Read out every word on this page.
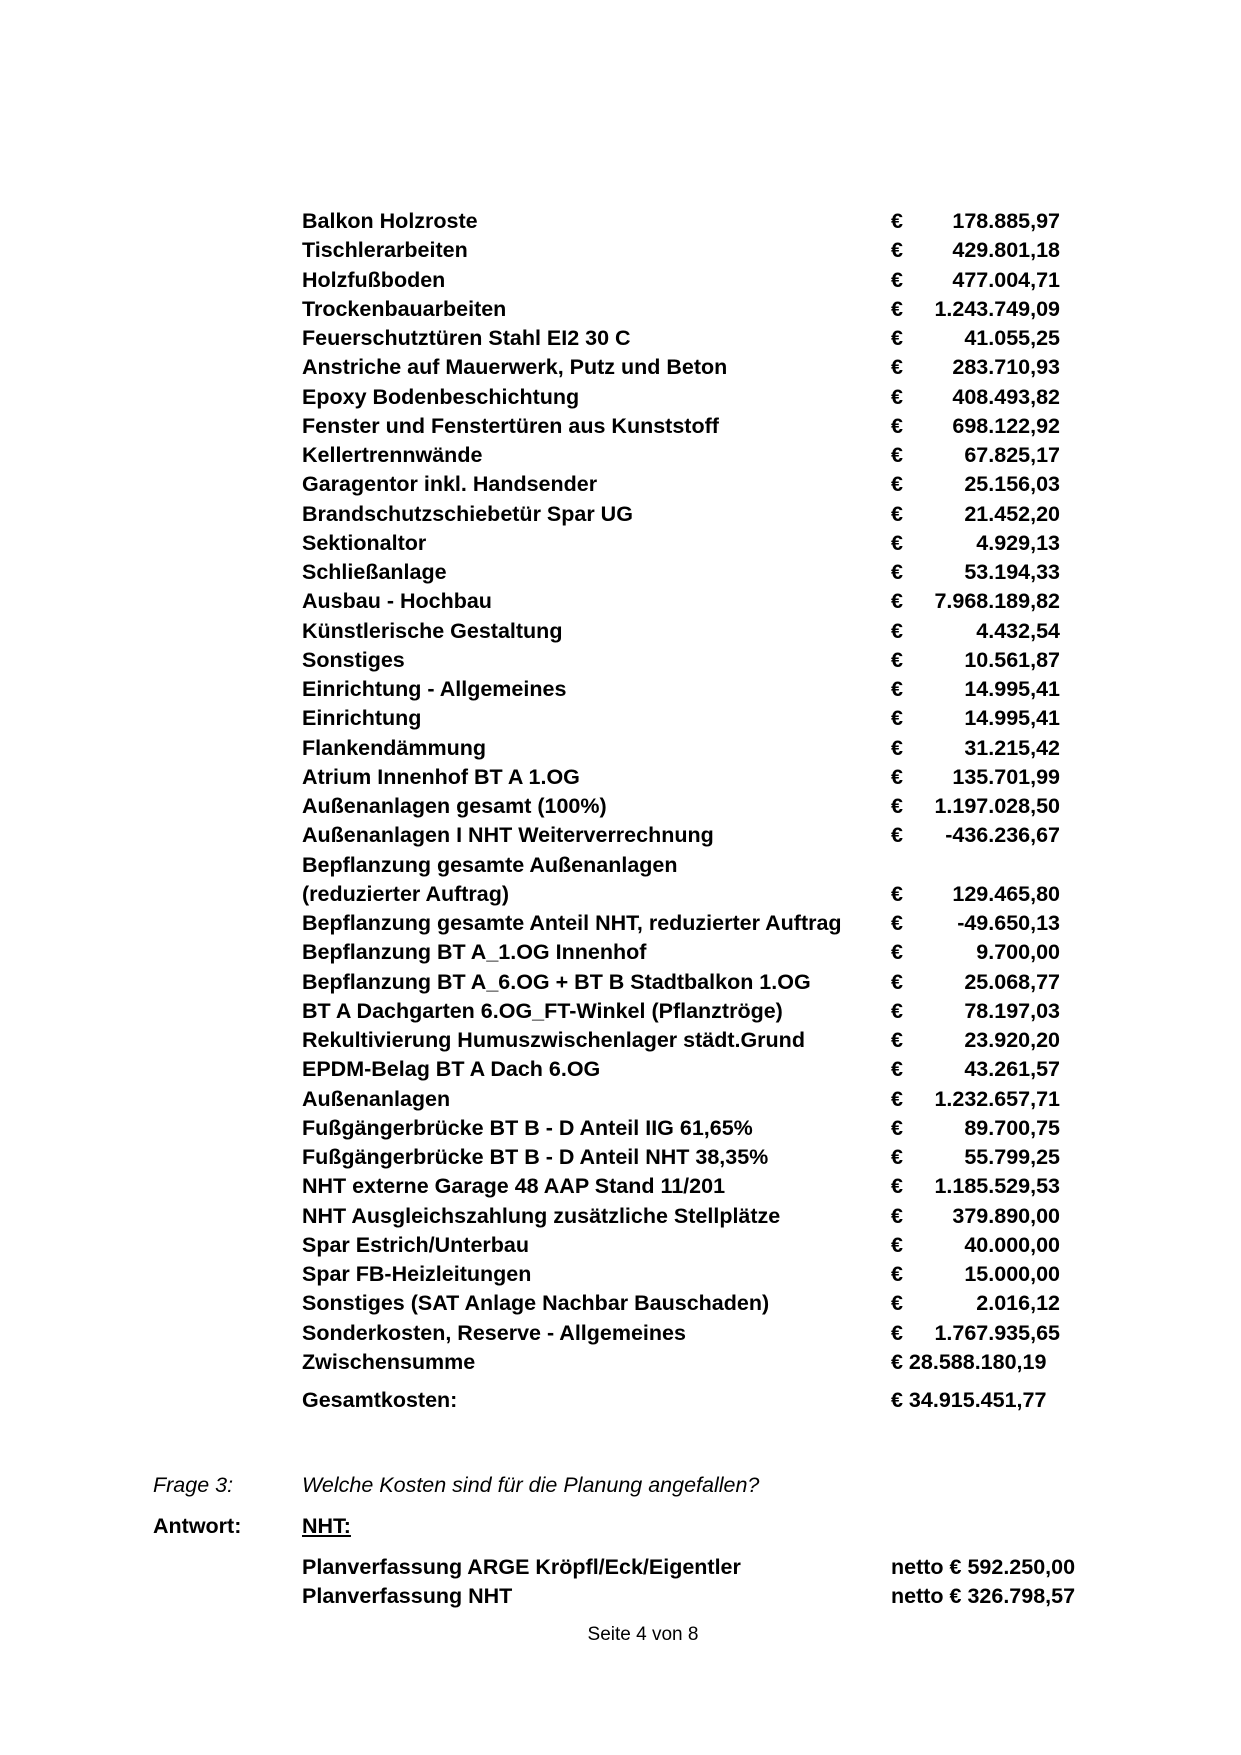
Balkon Holzroste	€ 178.885,97
Tischlerarbeiten	€ 429.801,18
Holzfußboden	€ 477.004,71
Trockenbauarbeiten	€ 1.243.749,09
Feuerschutztüren Stahl EI2 30 C	€	41.055,25
Anstriche auf Mauerwerk, Putz und Beton	€ 283.710,93
Epoxy Bodenbeschichtung	€ 408.493,82
Fenster und Fenstertüren aus Kunststoff	€ 698.122,92
Kellertrennwände	€	67.825,17
Garagentor inkl. Handsender	€	25.156,03
Brandschutzschiebetür Spar UG	€	21.452,20
Sektionaltor	€	4.929,13
Schließanlage	€	53.194,33
Ausbau - Hochbau	€ 7.968.189,82
Künstlerische Gestaltung	€	4.432,54
Sonstiges	€	10.561,87
Einrichtung - Allgemeines	€	14.995,41
Einrichtung	€	14.995,41
Flankendämmung	€	31.215,42
Atrium Innenhof BT A 1.OG	€ 135.701,99
Außenanlagen gesamt (100%)	€ 1.197.028,50
Außenanlagen I NHT Weiterverrechnung	€ -436.236,67
Bepflanzung gesamte Außenanlagen
(reduzierter Auftrag)	€ 129.465,80
Bepflanzung gesamte Anteil NHT, reduzierter Auftrag €	-49.650,13
Bepflanzung BT A_1.OG Innenhof	€	9.700,00
Bepflanzung BT A_6.OG + BT B Stadtbalkon 1.OG	€	25.068,77
BT A Dachgarten 6.OG_FT-Winkel (Pflanztröge)	€	78.197,03
Rekultivierung Humuszwischenlager städt.Grund	€	23.920,20
EPDM-Belag BT A Dach 6.OG	€	43.261,57
Außenanlagen	€ 1.232.657,71
Fußgängerbrücke BT B - D Anteil IIG 61,65%	€	89.700,75
Fußgängerbrücke BT B - D Anteil NHT 38,35%	€	55.799,25
NHT externe Garage 48 AAP Stand 11/201	€ 1.185.529,53
NHT Ausgleichszahlung zusätzliche Stellplätze	€ 379.890,00
Spar Estrich/Unterbau	€	40.000,00
Spar FB-Heizleitungen	€	15.000,00
Sonstiges (SAT Anlage Nachbar Bauschaden)	€	2.016,12
Sonderkosten, Reserve - Allgemeines	€ 1.767.935,65
Zwischensumme	€ 28.588.180,19
Gesamtkosten:	€ 34.915.451,77
Frage 3:	Welche Kosten sind für die Planung angefallen?
Antwort:	NHT:
Planverfassung ARGE Kröpfl/Eck/Eigentler	netto € 592.250,00
Planverfassung NHT	netto € 326.798,57
Seite 4 von 8
